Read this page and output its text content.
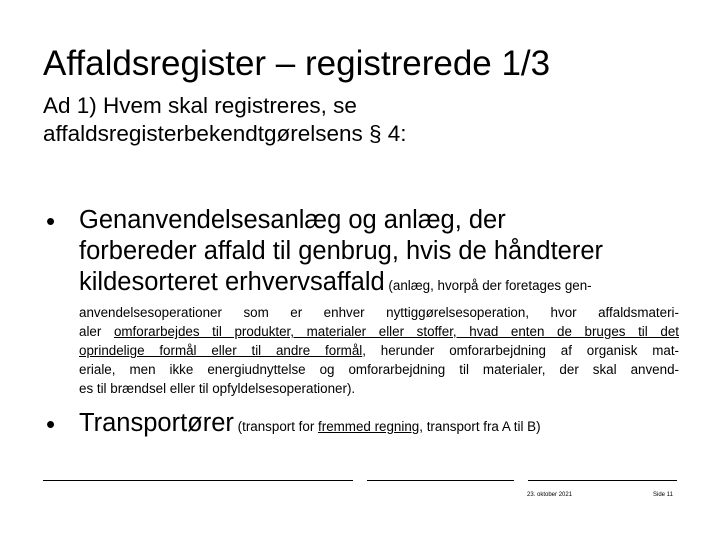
Affaldsregister – registrerede 1/3
Ad 1) Hvem skal registreres, se
affaldsregisterbekendtgørelsens § 4:
• Genanvendelsesanlæg og anlæg, der
forbereder affald til genbrug, hvis de håndterer
kildesorteret erhvervsaffald (anlæg, hvorpå der foretages gen-
anvendelsesoperationer som er enhver nyttiggørelsesoperation, hvor affaldsmateri-
aler omforarbejdes til produkter, materialer eller stoffer, hvad enten de bruges til det
oprindelige formål eller til andre formål, herunder omforarbejdning af organisk mat-
eriale, men ikke energiudnyttelse og omforarbejdning til materialer, der skal anvend-
es til brændsel eller til opfyldelsesoperationer).
• Transportører (transport for fremmed regning, transport fra A til B)
23. oktober 2021	Side 11
